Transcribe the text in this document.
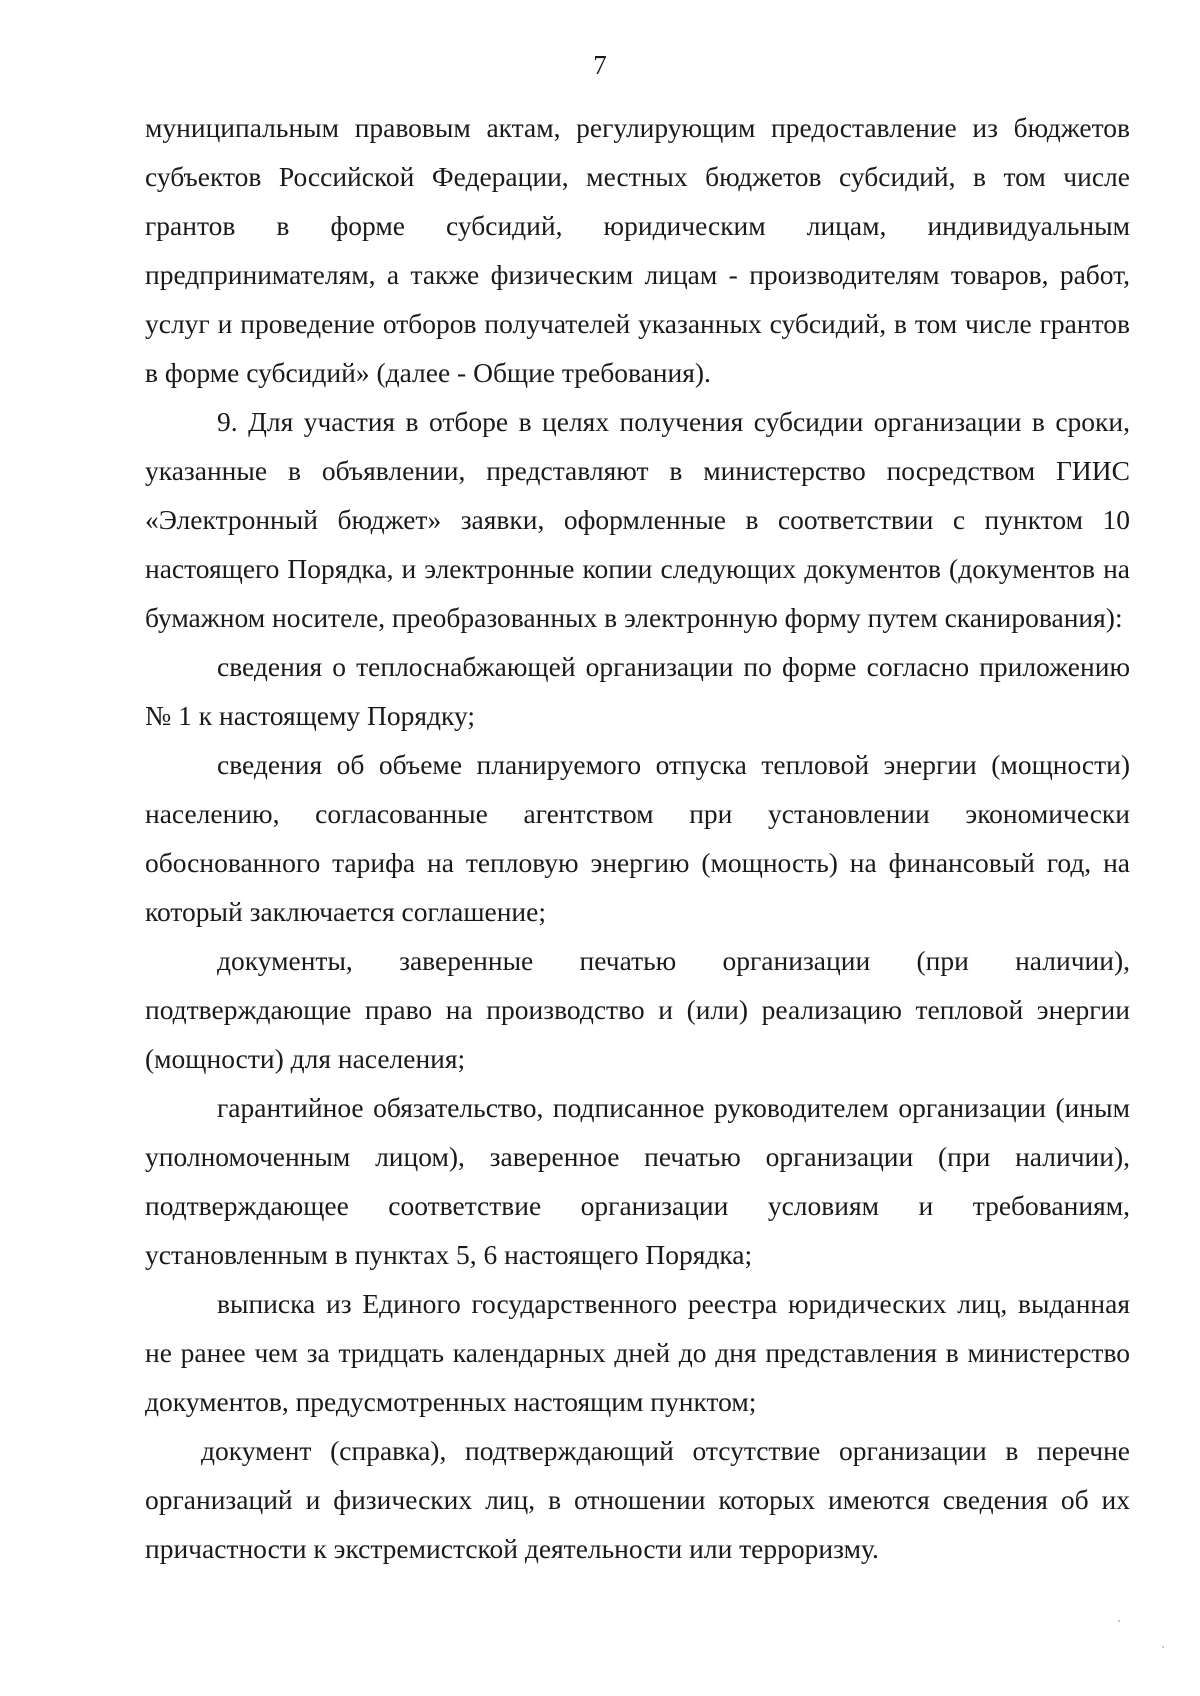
7

муниципальным правовым актам, регулирующим предоставление из бюджетов субъектов Российской Федерации, местных бюджетов субсидий, в том числе грантов в форме субсидий, юридическим лицам, индивидуальным предпринимателям, а также физическим лицам - производителям товаров, работ, услуг и проведение отборов получателей указанных субсидий, в том числе грантов в форме субсидий» (далее - Общие требования).

9. Для участия в отборе в целях получения субсидии организации в сроки, указанные в объявлении, представляют в министерство посредством ГИИС «Электронный бюджет» заявки, оформленные в соответствии с пунктом 10 настоящего Порядка, и электронные копии следующих документов (документов на бумажном носителе, преобразованных в электронную форму путем сканирования):

сведения о теплоснабжающей организации по форме согласно приложению № 1 к настоящему Порядку;

сведения об объеме планируемого отпуска тепловой энергии (мощности) населению, согласованные агентством при установлении экономически обоснованного тарифа на тепловую энергию (мощность) на финансовый год, на который заключается соглашение;

документы, заверенные печатью организации (при наличии), подтверждающие право на производство и (или) реализацию тепловой энергии (мощности) для населения;

гарантийное обязательство, подписанное руководителем организации (иным уполномоченным лицом), заверенное печатью организации (при наличии), подтверждающее соответствие организации условиям и требованиям, установленным в пунктах 5, 6 настоящего Порядка;

выписка из Единого государственного реестра юридических лиц, выданная не ранее чем за тридцать календарных дней до дня представления в министерство документов, предусмотренных настоящим пунктом;

документ (справка), подтверждающий отсутствие организации в перечне организаций и физических лиц, в отношении которых имеются сведения об их причастности к экстремистской деятельности или терроризму.
